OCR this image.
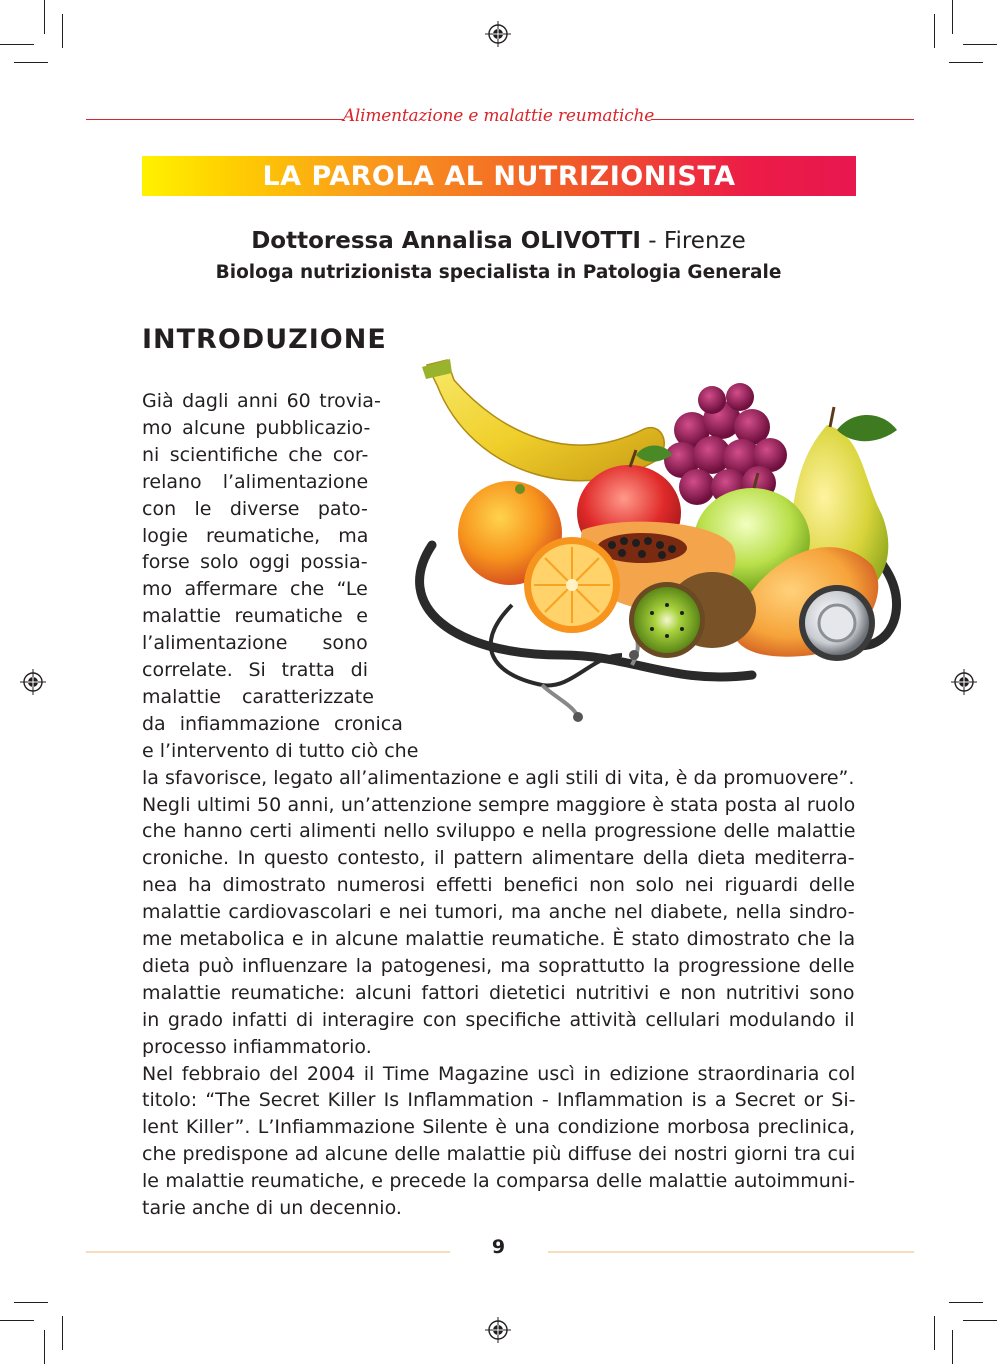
Alimentazione e malattie reumatiche
LA PAROLA AL NUTRIZIONISTA
Dottoressa Annalisa OLIVOTTI - Firenze
Biologa nutrizionista specialista in Patologia Generale
INTRODUZIONE
Già dagli anni 60 trovia-
mo alcune pubblicazio-
ni scientifiche che cor-
relano l’alimentazione
con le diverse pato-
logie reumatiche, ma
forse solo oggi possia-
mo affermare che “Le
malattie reumatiche e
l’alimentazione sono
correlate. Si tratta di
malattie caratterizzate
da infiammazione cronica
e l’intervento di tutto ciò che
la sfavorisce, legato all’alimentazione e agli stili di vita, è da promuovere”.
Negli ultimi 50 anni, un’attenzione sempre maggiore è stata posta al ruolo
che hanno certi alimenti nello sviluppo e nella progressione delle malattie
croniche. In questo contesto, il pattern alimentare della dieta mediterra-
nea ha dimostrato numerosi effetti benefici non solo nei riguardi delle
malattie cardiovascolari e nei tumori, ma anche nel diabete, nella sindro-
me metabolica e in alcune malattie reumatiche. È stato dimostrato che la
dieta può influenzare la patogenesi, ma soprattutto la progressione delle
malattie reumatiche: alcuni fattori dietetici nutritivi e non nutritivi sono
in grado infatti di interagire con specifiche attività cellulari modulando il
processo infiammatorio.
Nel febbraio del 2004 il Time Magazine uscì in edizione straordinaria col
titolo: “The Secret Killer Is Inflammation - Inflammation is a Secret or Si-
lent Killer”. L’Infiammazione Silente è una condizione morbosa preclinica,
che predispone ad alcune delle malattie più diffuse dei nostri giorni tra cui
le malattie reumatiche, e precede la comparsa delle malattie autoimmuni-
tarie anche di un decennio.
9
